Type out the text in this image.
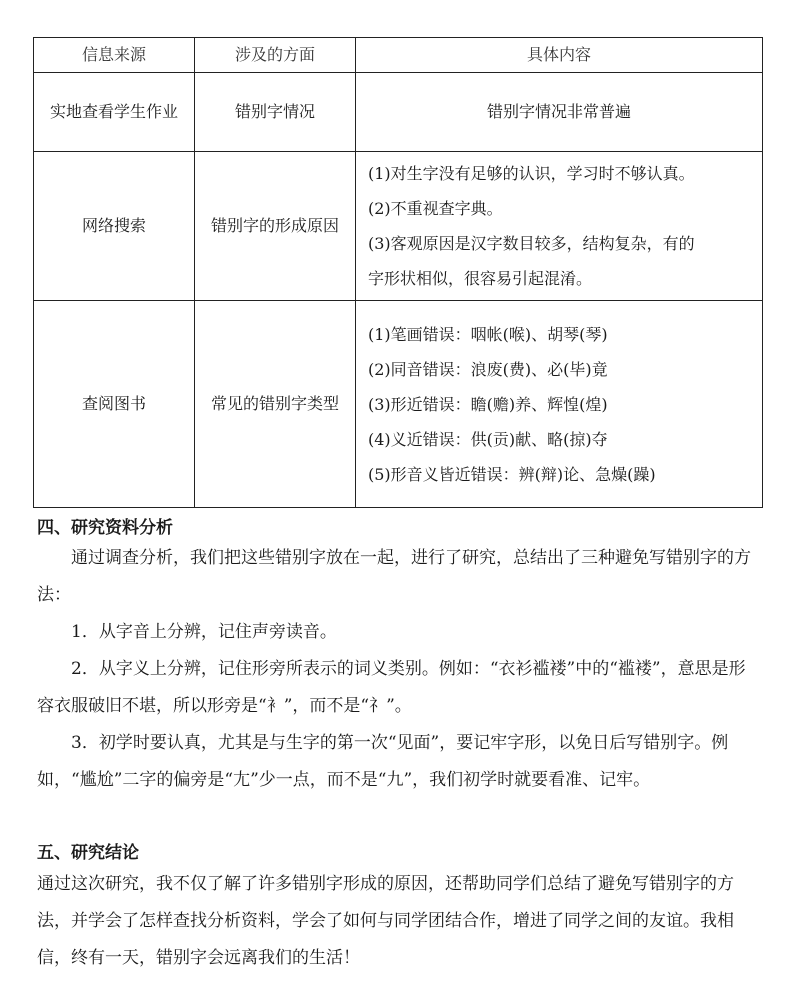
信息来源	涉及的方面	具体内容

实地查看学生作业	错别字情况	错别字情况非常普遍
网络搜索	错别字的形成原因	(1)对生字没有足够的认识，学习时不够认真。
(2)不重视查字典。
(3)客观原因是汉字数目较多，结构复杂，有的
字形状相似，很容易引起混淆。

查阅图书	常见的错别字类型	(1)笔画错误：咽帐(喉)、胡琴(琴)
(2)同音错误：浪废(费)、必(毕)竟
(3)形近错误：瞻(赡)养、辉惶(煌)
(4)义近错误：供(贡)献、略(掠)夺
(5)形音义皆近错误：辨(辩)论、急燥(躁)
四、研究资料分析

通过调查分析，我们把这些错别字放在一起，进行了研究，总结出了三种避免写错别字的方法：

1．从字音上分辨，记住声旁读音。

2．从字义上分辨，记住形旁所表示的词义类别。例如：“衣衫褴褛”中的“褴褛”，意思是形容衣服破旧不堪，所以形旁是“衤”，而不是“礻”。

3．初学时要认真，尤其是与生字的第一次“见面”，要记牢字形，以免日后写错别字。例如，“尴尬”二字的偏旁是“尢”少一点，而不是“九”，我们初学时就要看准、记牢。

五、研究结论

通过这次研究，我不仅了解了许多错别字形成的原因，还帮助同学们总结了避免写错别字的方法，并学会了怎样查找分析资料，学会了如何与同学团结合作，增进了同学之间的友谊。我相信，终有一天，错别字会远离我们的生活！
